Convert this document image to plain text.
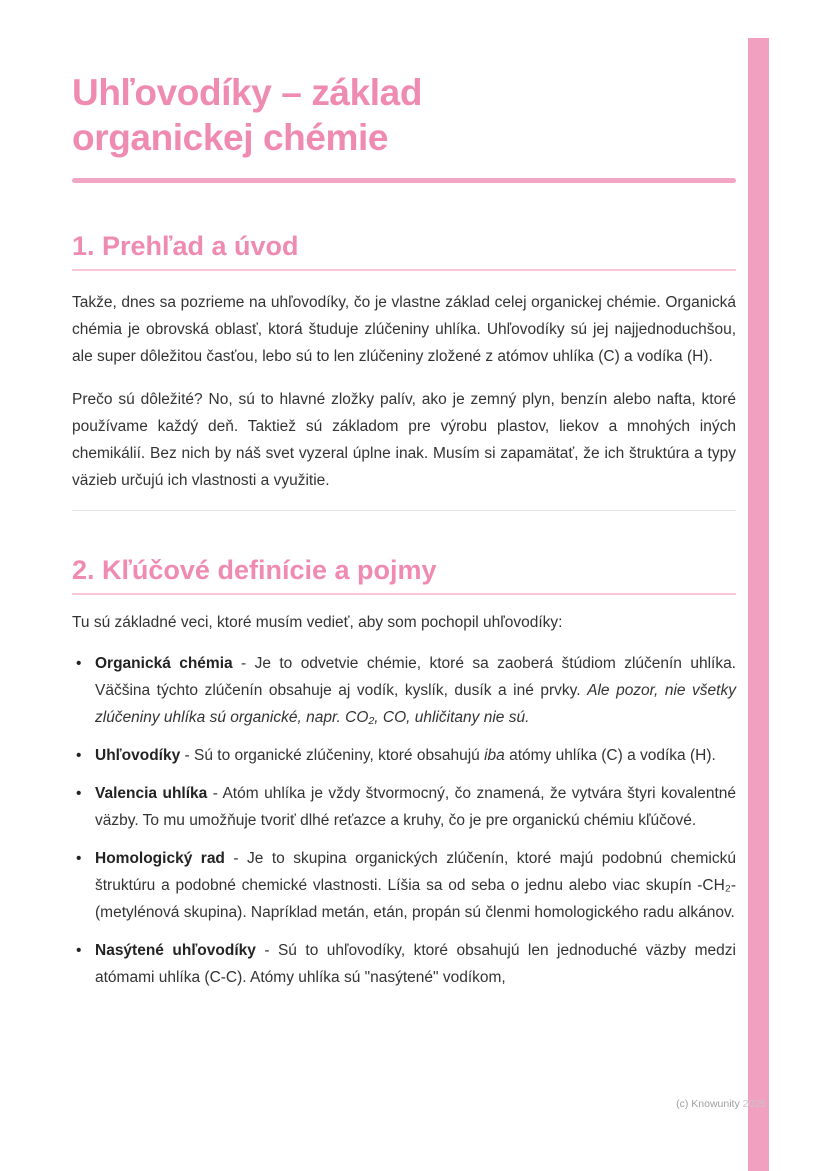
Uhľovodíky – základ
organickej chémie
1. Prehľad a úvod

Takže, dnes sa pozrieme na uhľovodíky, čo je vlastne základ celej organickej chémie. Organická chémia je obrovská oblasť, ktorá študuje zlúčeniny uhlíka. Uhľovodíky sú jej najjednoduchšou, ale super dôležitou časťou, lebo sú to len zlúčeniny zložené z atómov uhlíka (C) a vodíka (H).

Prečo sú dôležité? No, sú to hlavné zložky palív, ako je zemný plyn, benzín alebo nafta, ktoré používame každý deň. Taktiež sú základom pre výrobu plastov, liekov a mnohých iných chemikálií. Bez nich by náš svet vyzeral úplne inak. Musím si zapamätať, že ich štruktúra a typy väzieb určujú ich vlastnosti a využitie.

2. Kľúčové definície a pojmy

Tu sú základné veci, ktoré musím vedieť, aby som pochopil uhľovodíky:

• Organická chémia - Je to odvetvie chémie, ktoré sa zaoberá štúdiom zlúčenín uhlíka. Väčšina týchto zlúčenín obsahuje aj vodík, kyslík, dusík a iné prvky. Ale pozor, nie všetky zlúčeniny uhlíka sú organické, napr. CO₂, CO, uhličitany nie sú.
• Uhľovodíky - Sú to organické zlúčeniny, ktoré obsahujú iba atómy uhlíka (C) a vodíka (H).
• Valencia uhlíka - Atóm uhlíka je vždy štvormocný, čo znamená, že vytvára štyri kovalentné väzby. To mu umožňuje tvoriť dlhé reťazce a kruhy, čo je pre organickú chémiu kľúčové.
• Homologický rad - Je to skupina organických zlúčenín, ktoré majú podobnú chemickú štruktúru a podobné chemické vlastnosti. Líšia sa od seba o jednu alebo viac skupín -CH₂- (metylénová skupina). Napríklad metán, etán, propán sú členmi homologického radu alkánov.
• Nasýtené uhľovodíky - Sú to uhľovodíky, ktoré obsahujú len jednoduché väzby medzi atómami uhlíka (C-C). Atómy uhlíka sú "nasýtené" vodíkom,
(c) Knowunity 2025
